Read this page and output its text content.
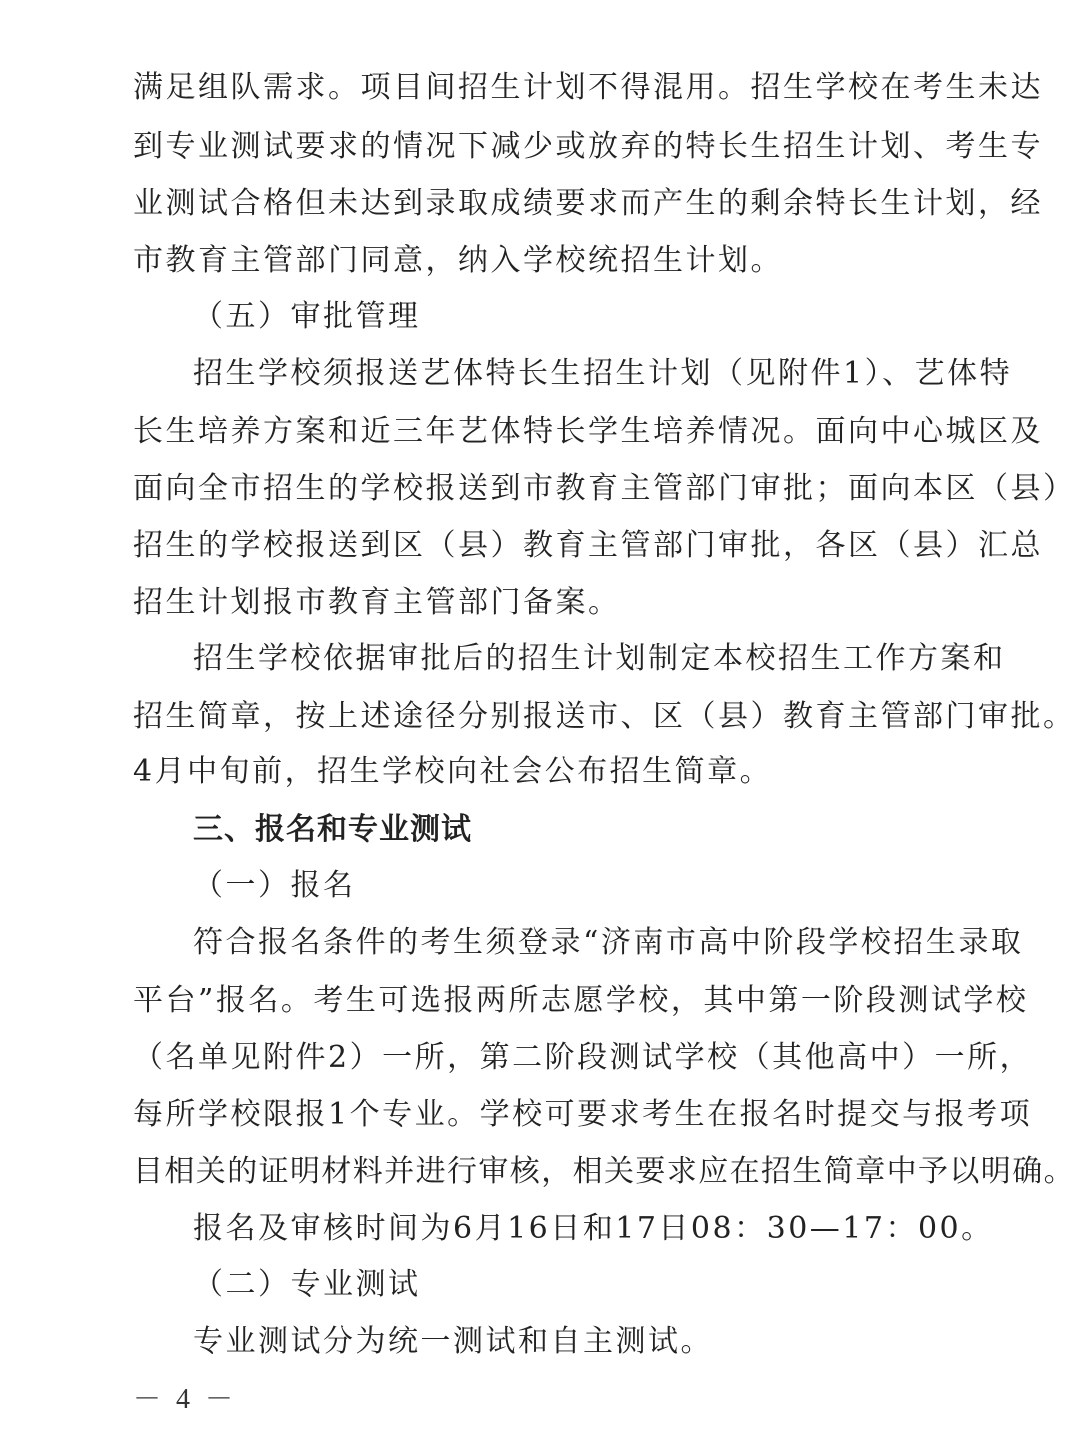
满足组队需求。项目间招生计划不得混用。招生学校在考生未达
到专业测试要求的情况下减少或放弃的特长生招生计划、考生专
业测试合格但未达到录取成绩要求而产生的剩余特长生计划，经
市教育主管部门同意，纳入学校统招生计划。
（五）审批管理
招生学校须报送艺体特长生招生计划（见附件1）、艺体特
长生培养方案和近三年艺体特长学生培养情况。面向中心城区及
面向全市招生的学校报送到市教育主管部门审批；面向本区（县）
招生的学校报送到区（县）教育主管部门审批，各区（县）汇总
招生计划报市教育主管部门备案。
招生学校依据审批后的招生计划制定本校招生工作方案和
招生简章，按上述途径分别报送市、区（县）教育主管部门审批。
4月中旬前，招生学校向社会公布招生简章。
三、报名和专业测试
（一）报名
符合报名条件的考生须登录“济南市高中阶段学校招生录取
平台”报名。考生可选报两所志愿学校，其中第一阶段测试学校
（名单见附件2）一所，第二阶段测试学校（其他高中）一所，
每所学校限报1个专业。学校可要求考生在报名时提交与报考项
目相关的证明材料并进行审核，相关要求应在招生简章中予以明确。
报名及审核时间为6月16日和17日08：30—17：00。
（二）专业测试
专业测试分为统一测试和自主测试。
－ 4 －
